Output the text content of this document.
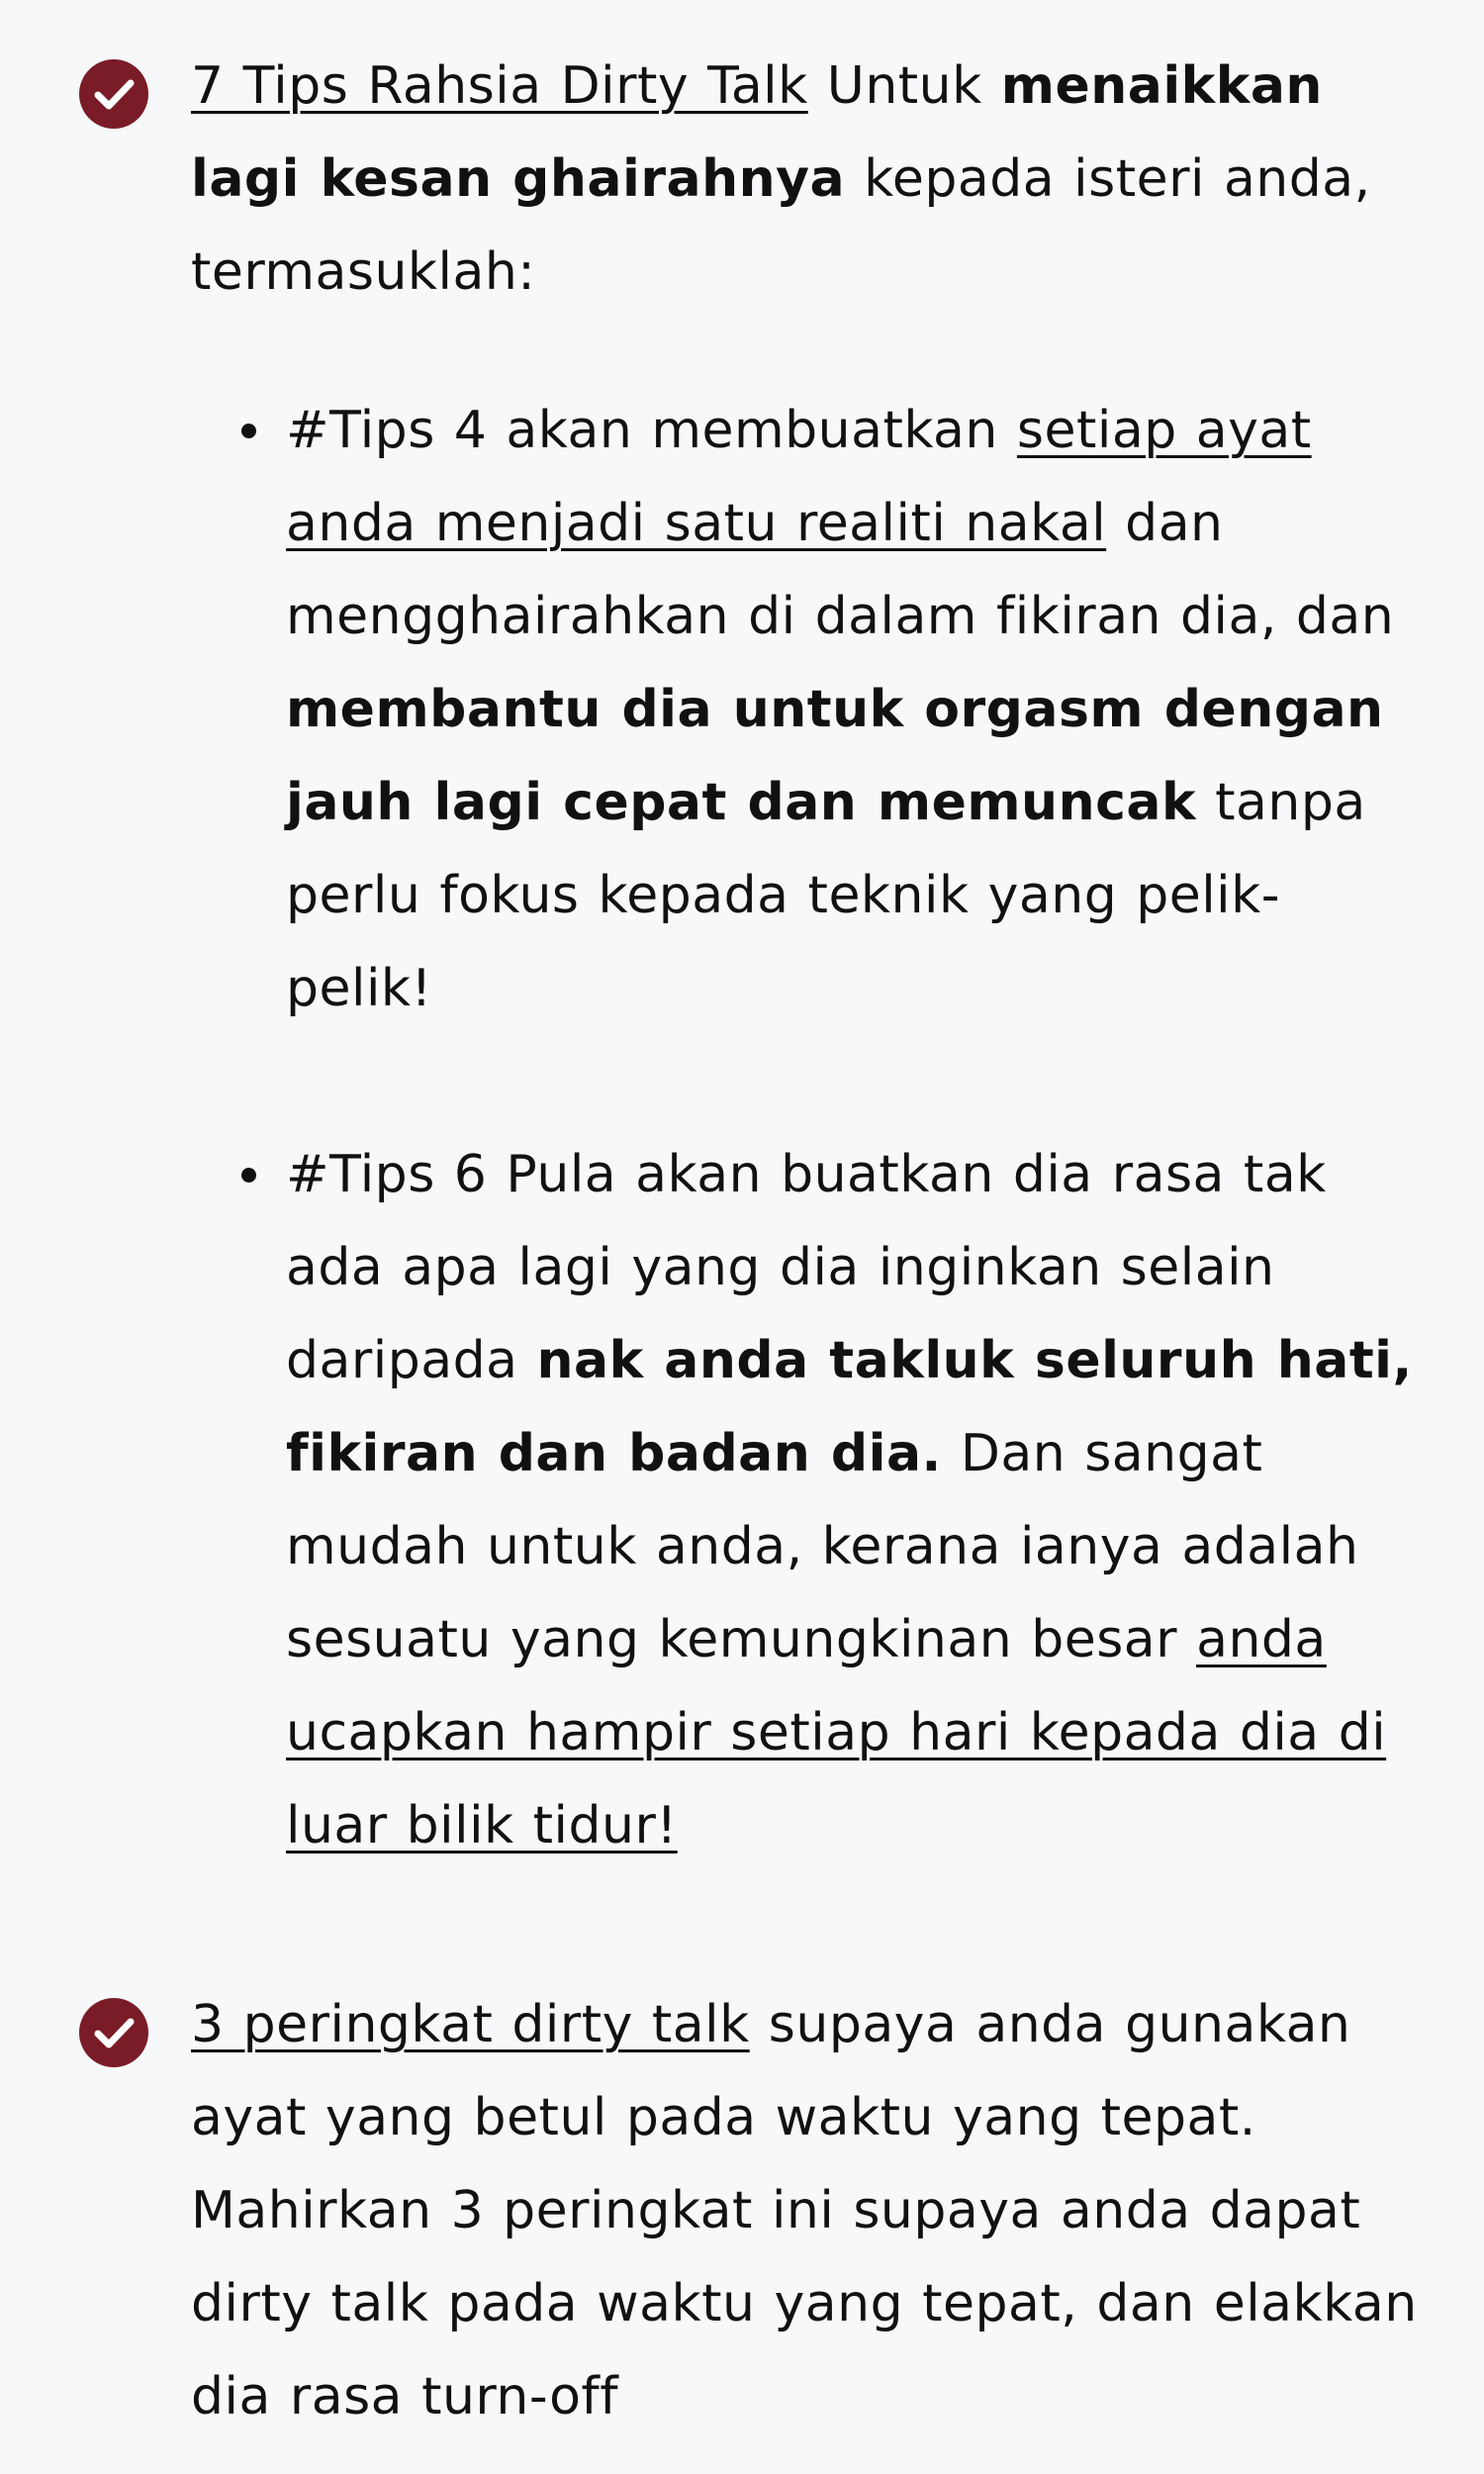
7 Tips Rahsia Dirty Talk Untuk menaikkan lagi kesan ghairahnya kepada isteri anda, termasuklah:

#Tips 4 akan membuatkan setiap ayat anda menjadi satu realiti nakal dan mengghairahkan di dalam fikiran dia, dan membantu dia untuk orgasm dengan jauh lagi cepat dan memuncak tanpa perlu fokus kepada teknik yang pelik-pelik!

#Tips 6 Pula akan buatkan dia rasa tak ada apa lagi yang dia inginkan selain daripada nak anda takluk seluruh hati, fikiran dan badan dia. Dan sangat mudah untuk anda, kerana ianya adalah sesuatu yang kemungkinan besar anda ucapkan hampir setiap hari kepada dia di luar bilik tidur!

3 peringkat dirty talk supaya anda gunakan ayat yang betul pada waktu yang tepat. Mahirkan 3 peringkat ini supaya anda dapat dirty talk pada waktu yang tepat, dan elakkan dia rasa turn-off
